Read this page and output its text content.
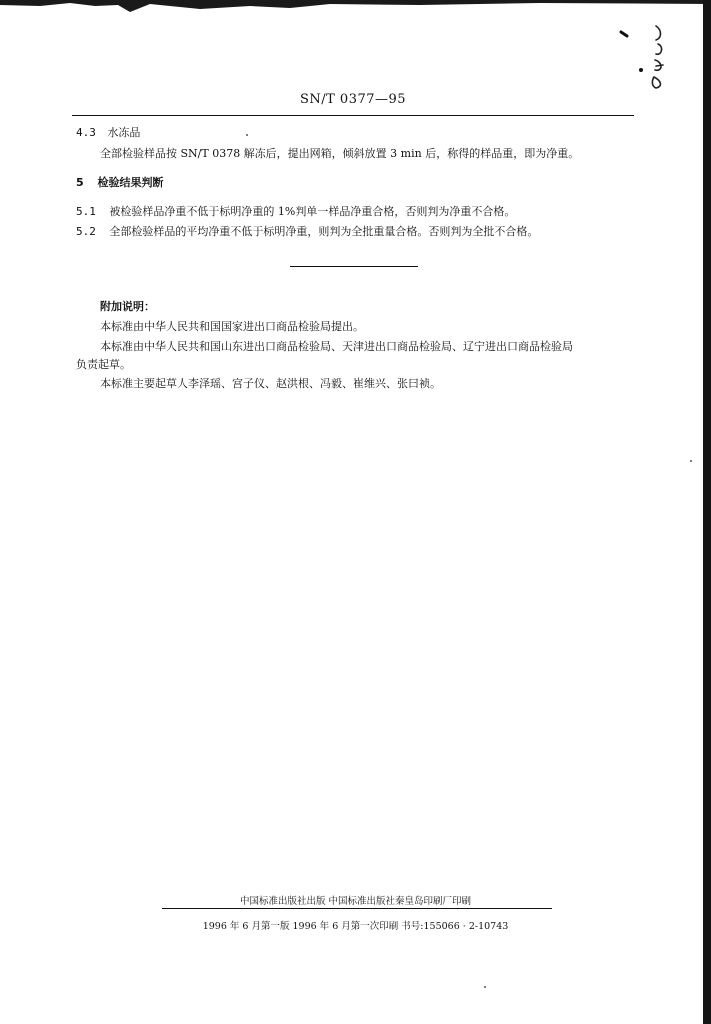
SN/T 0377—95
4.3 水冻品
全部检验样品按 SN/T 0378 解冻后，提出网箱，倾斜放置 3 min 后，称得的样品重，即为净重。
5 检验结果判断
5.1 被检验样品净重不低于标明净重的 1%判单一样品净重合格，否则判为净重不合格。
5.2 全部检验样品的平均净重不低于标明净重，则判为全批重量合格。否则判为全批不合格。
附加说明：
本标准由中华人民共和国国家进出口商品检验局提出。
本标准由中华人民共和国山东进出口商品检验局、天津进出口商品检验局、辽宁进出口商品检验局
负责起草。
本标准主要起草人李泽瑶、宫子仪、赵洪根、冯毅、崔维兴、张曰祯。
中国标准出版社出版 中国标准出版社秦皇岛印刷厂印刷
1996 年 6 月第一版 1996 年 6 月第一次印刷 书号:155066 · 2-10743
